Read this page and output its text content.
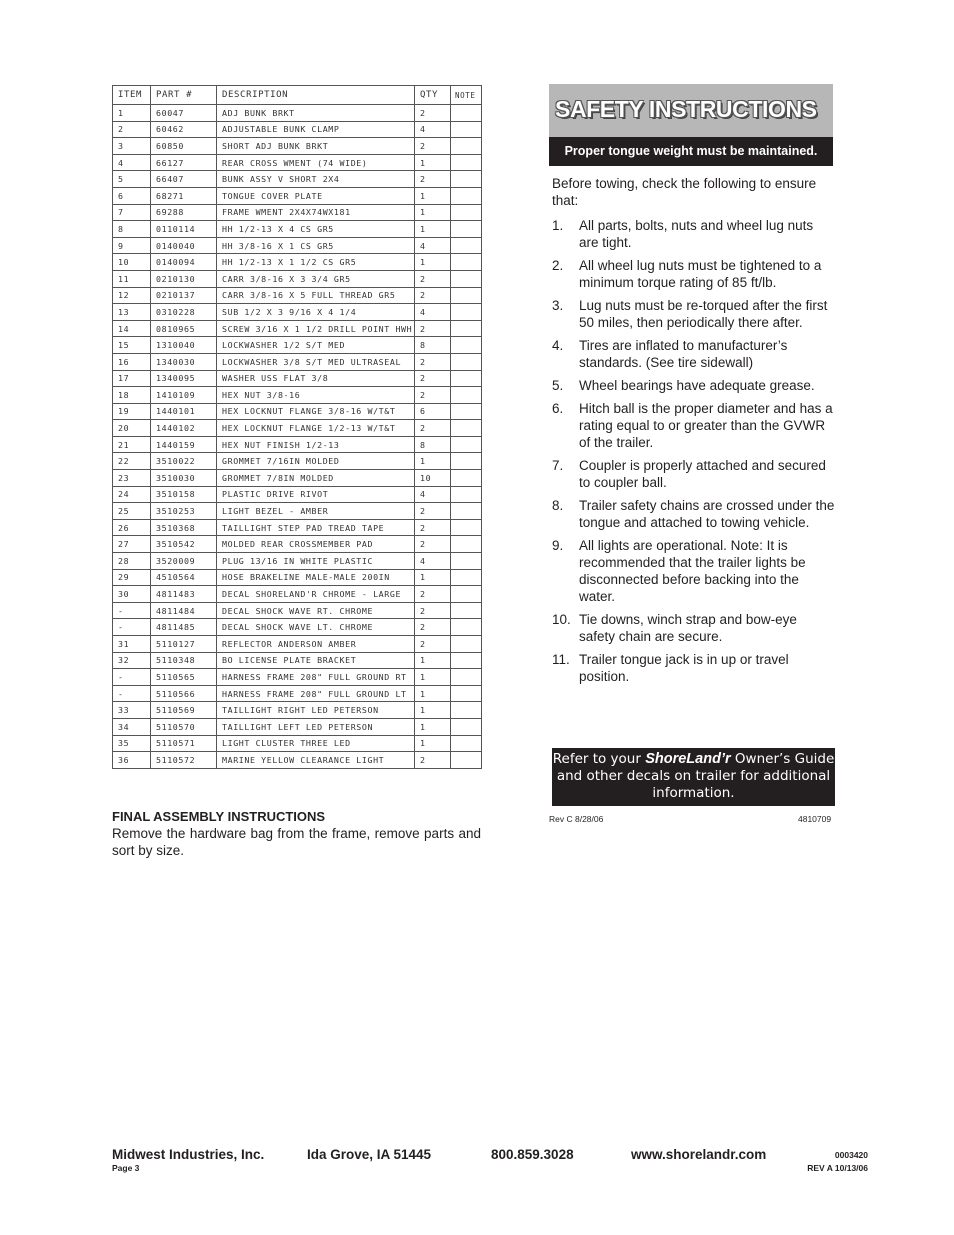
ITEM	PART #	DESCRIPTION	QTY	NOTE
1	60047	ADJ BUNK BRKT	2	
2	60462	ADJUSTABLE BUNK CLAMP	4	
3	60850	SHORT ADJ BUNK BRKT	2	
4	66127	REAR CROSS WMENT (74 WIDE)	1	
5	66407	BUNK ASSY V SHORT 2X4	2	
6	68271	TONGUE COVER PLATE	1	
7	69288	FRAME WMENT 2X4X74WX181	1	
8	0110114	HH 1/2-13 X 4 CS GR5	1	
9	0140040	HH 3/8-16 X 1 CS GR5	4	
10	0140094	HH 1/2-13 X 1 1/2 CS GR5	1	
11	0210130	CARR 3/8-16 X 3 3/4 GR5	2	
12	0210137	CARR 3/8-16 X 5 FULL THREAD GR5	2	
13	0310228	SUB 1/2 X 3 9/16 X 4 1/4	4	
14	0810965	SCREW 3/16 X 1 1/2 DRILL POINT HWH	2	
15	1310040	LOCKWASHER 1/2 S/T MED	8	
16	1340030	LOCKWASHER 3/8 S/T MED ULTRASEAL	2	
17	1340095	WASHER USS FLAT 3/8	2	
18	1410109	HEX NUT 3/8-16	2	
19	1440101	HEX LOCKNUT FLANGE 3/8-16 W/T&T	6	
20	1440102	HEX LOCKNUT FLANGE 1/2-13 W/T&T	2	
21	1440159	HEX NUT FINISH 1/2-13	8	
22	3510022	GROMMET 7/16IN MOLDED	1	
23	3510030	GROMMET 7/8IN MOLDED	10	
24	3510158	PLASTIC DRIVE RIVOT	4	
25	3510253	LIGHT BEZEL - AMBER	2	
26	3510368	TAILLIGHT STEP PAD TREAD TAPE	2	
27	3510542	MOLDED REAR CROSSMEMBER PAD	2	
28	3520009	PLUG 13/16 IN WHITE PLASTIC	4	
29	4510564	HOSE BRAKELINE MALE-MALE 200IN	1	
30	4811483	DECAL SHORELAND'R CHROME - LARGE	2	
-	4811484	DECAL SHOCK WAVE RT. CHROME	2	
-	4811485	DECAL SHOCK WAVE LT. CHROME	2	
31	5110127	REFLECTOR ANDERSON AMBER	2	
32	5110348	BO LICENSE PLATE BRACKET	1	
-	5110565	HARNESS FRAME 208" FULL GROUND RT	1	
-	5110566	HARNESS FRAME 208" FULL GROUND LT	1	
33	5110569	TAILLIGHT RIGHT LED PETERSON	1	
34	5110570	TAILLIGHT LEFT LED PETERSON	1	
35	5110571	LIGHT CLUSTER THREE LED	1	
36	5110572	MARINE YELLOW CLEARANCE LIGHT	2	
FINAL ASSEMBLY INSTRUCTIONS

Remove the hardware bag from the frame, remove parts and sort by size.

SAFETY INSTRUCTIONS
Proper tongue weight must be maintained.

Before towing, check the following to ensure that:

1. All parts, bolts, nuts and wheel lug nuts are tight.
2. All wheel lug nuts must be tightened to a minimum torque rating of 85 ft/lb.
3. Lug nuts must be re-torqued after the first 50 miles, then periodically there after.
4. Tires are inflated to manufacturer’s standards. (See tire sidewall)
5. Wheel bearings have adequate grease.
6. Hitch ball is the proper diameter and has a rating equal to or greater than the GVWR of the trailer.
7. Coupler is properly attached and secured to coupler ball.
8. Trailer safety chains are crossed under the tongue and attached to towing vehicle.
9. All lights are operational. Note: It is recommended that the trailer lights be disconnected before backing into the water.
10. Tie downs, winch strap and bow-eye safety chain are secure.
11. Trailer tongue jack is in up or travel position.
Refer to your ShoreLand’r Owner’s Guide and other decals on trailer for additional information.
Rev C 8/28/06	4810709
Midwest Industries, Inc.
Page 3
Ida Grove, IA 51445	800.859.3028	www.shorelandr.com	0003420
REV A 10/13/06
